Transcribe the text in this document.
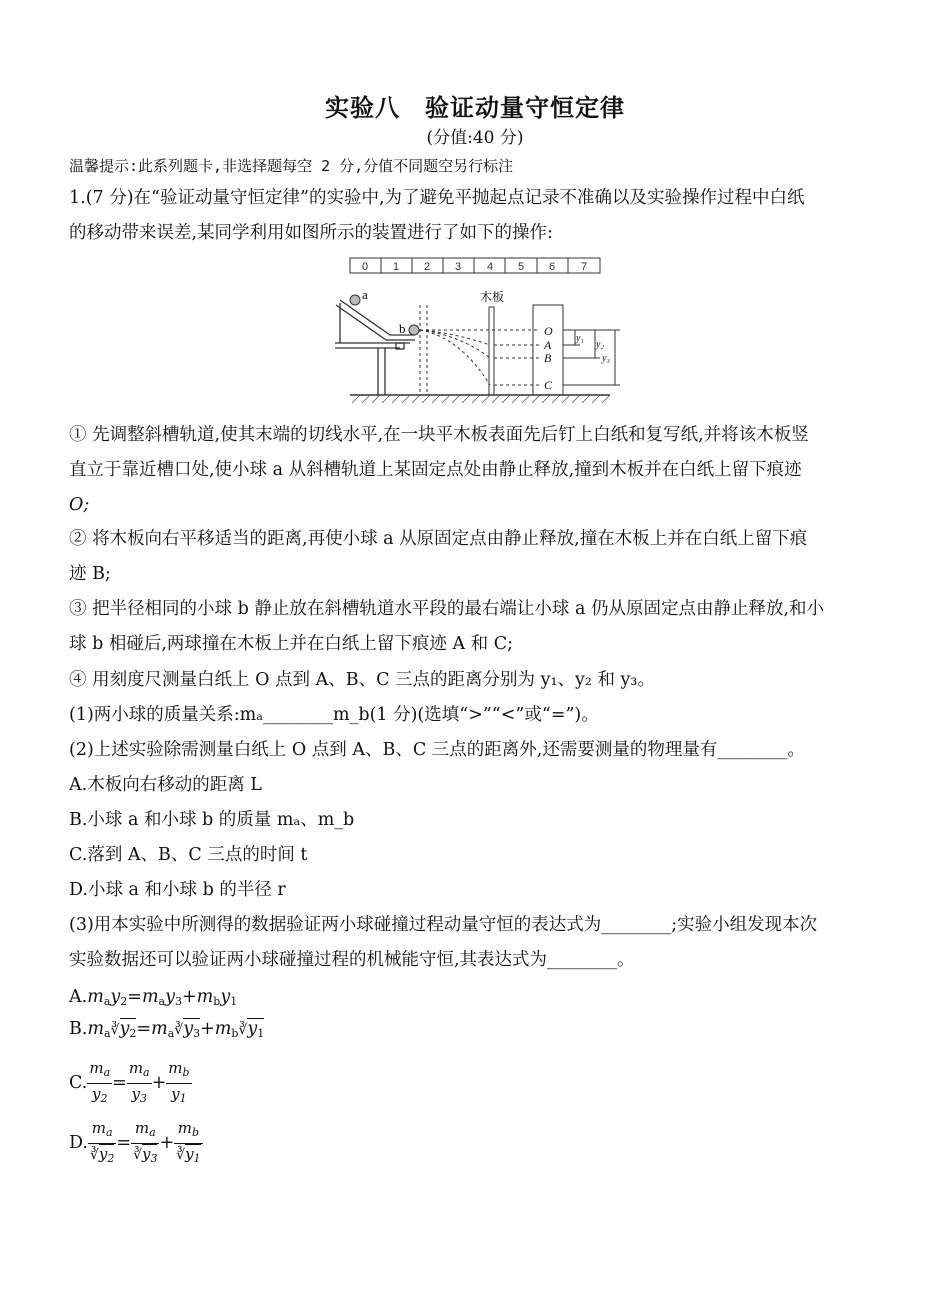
实验八　验证动量守恒定律
(分值:40 分)
温馨提示:此系列题卡,非选择题每空 2 分,分值不同题空另行标注
1.(7 分)在“验证动量守恒定律”的实验中,为了避免平抛起点记录不准确以及实验操作过程中白纸
的移动带来误差,某同学利用如图所示的装置进行了如下的操作:
0 1 2 3 4 5 6 7
a
b
木板
O
A
B
C
y₁
y₂
y₃
① 先调整斜槽轨道,使其末端的切线水平,在一块平木板表面先后钉上白纸和复写纸,并将该木板竖
直立于靠近槽口处,使小球 a 从斜槽轨道上某固定点处由静止释放,撞到木板并在白纸上留下痕迹
O;
② 将木板向右平移适当的距离,再使小球 a 从原固定点由静止释放,撞在木板上并在白纸上留下痕
迹 B;
③ 把半径相同的小球 b 静止放在斜槽轨道水平段的最右端让小球 a 仍从原固定点由静止释放,和小
球 b 相碰后,两球撞在木板上并在白纸上留下痕迹 A 和 C;
④ 用刻度尺测量白纸上 O 点到 A、B、C 三点的距离分别为 y₁、y₂ 和 y₃。
(1)两小球的质量关系:mₐ________m_b(1 分)(选填“>”“<”或“=”)。
(2)上述实验除需测量白纸上 O 点到 A、B、C 三点的距离外,还需要测量的物理量有________。
A.木板向右移动的距离 L
B.小球 a 和小球 b 的质量 mₐ、m_b
C.落到 A、B、C 三点的时间 t
D.小球 a 和小球 b 的半径 r
(3)用本实验中所测得的数据验证两小球碰撞过程动量守恒的表达式为________;实验小组发现本次
实验数据还可以验证两小球碰撞过程的机械能守恒,其表达式为________。
$A.m_ay_2=m_ay_3+m_by_1$
$B.m_a∛y_2=m_a∛y_3+m_b∛y_1$
C. $\frac{m_a}{y_2} = \frac{m_a}{y_3} + \frac{m_b}{y_1}$
D. $\frac{m_a}{∛y_2} = \frac{m_a}{∛y_3} + \frac{m_b}{∛y_1}$
